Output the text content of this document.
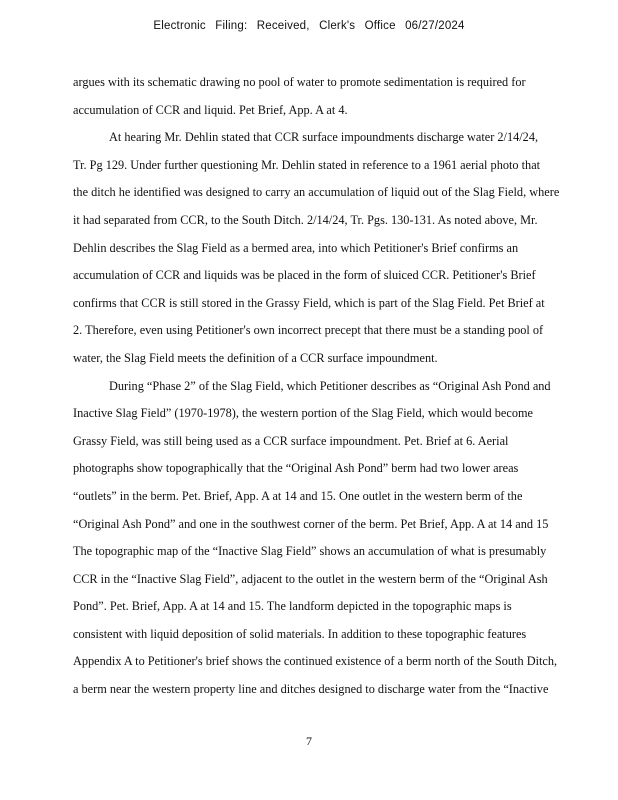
Electronic Filing: Received, Clerk's Office 06/27/2024
argues with its schematic drawing no pool of water to promote sedimentation is required for
accumulation of CCR and liquid. Pet Brief, App. A at 4.
At hearing Mr. Dehlin stated that CCR surface impoundments discharge water 2/14/24,
Tr. Pg 129. Under further questioning Mr. Dehlin stated in reference to a 1961 aerial photo that
the ditch he identified was designed to carry an accumulation of liquid out of the Slag Field, where
it had separated from CCR, to the South Ditch. 2/14/24, Tr. Pgs. 130-131. As noted above, Mr.
Dehlin describes the Slag Field as a bermed area, into which Petitioner's Brief confirms an
accumulation of CCR and liquids was be placed in the form of sluiced CCR. Petitioner's Brief
confirms that CCR is still stored in the Grassy Field, which is part of the Slag Field. Pet Brief at
2. Therefore, even using Petitioner's own incorrect precept that there must be a standing pool of
water, the Slag Field meets the definition of a CCR surface impoundment.
During “Phase 2” of the Slag Field, which Petitioner describes as “Original Ash Pond and
Inactive Slag Field” (1970-1978), the western portion of the Slag Field, which would become
Grassy Field, was still being used as a CCR surface impoundment. Pet. Brief at 6. Aerial
photographs show topographically that the “Original Ash Pond” berm had two lower areas
“outlets” in the berm. Pet. Brief, App. A at 14 and 15. One outlet in the western berm of the
“Original Ash Pond” and one in the southwest corner of the berm. Pet Brief, App. A at 14 and 15
The topographic map of the “Inactive Slag Field” shows an accumulation of what is presumably
CCR in the “Inactive Slag Field”, adjacent to the outlet in the western berm of the “Original Ash
Pond”. Pet. Brief, App. A at 14 and 15. The landform depicted in the topographic maps is
consistent with liquid deposition of solid materials. In addition to these topographic features
Appendix A to Petitioner's brief shows the continued existence of a berm north of the South Ditch,
a berm near the western property line and ditches designed to discharge water from the “Inactive
7
